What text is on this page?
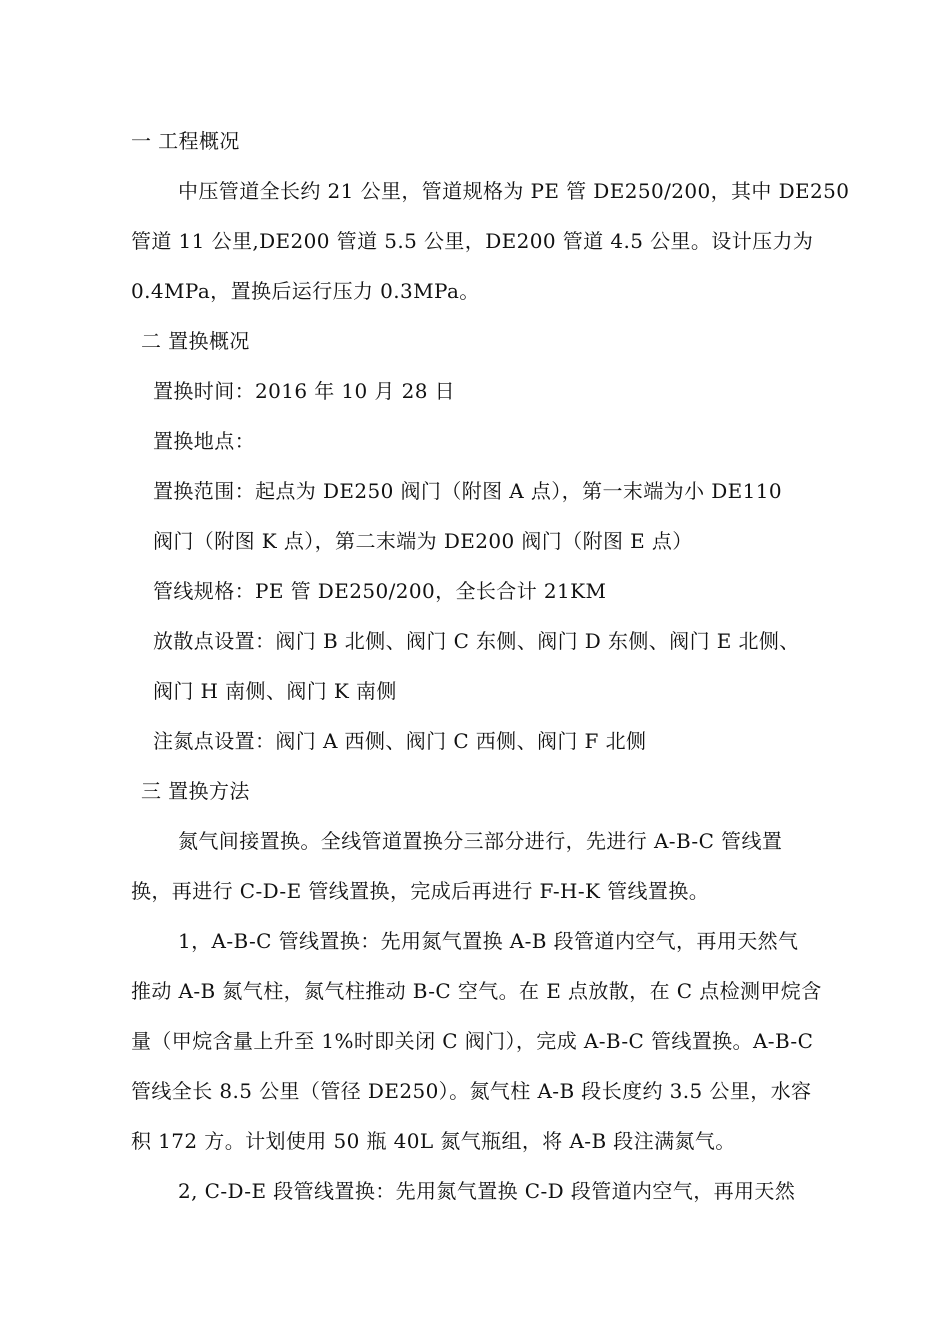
一 工程概况
中压管道全长约 21 公里，管道规格为 PE 管 DE250/200，其中 DE250
管道 11 公里,DE200 管道 5.5 公里，DE200 管道 4.5 公里。设计压力为
0.4MPa，置换后运行压力 0.3MPa。
二 置换概况
置换时间：2016 年 10 月 28 日
置换地点：
置换范围：起点为 DE250 阀门（附图 A 点），第一末端为小 DE110
阀门（附图 K 点），第二末端为 DE200 阀门（附图 E 点）
管线规格：PE 管 DE250/200，全长合计 21KM
放散点设置：阀门 B 北侧、阀门 C 东侧、阀门 D 东侧、阀门 E 北侧、
阀门 H 南侧、阀门 K 南侧
注氮点设置：阀门 A 西侧、阀门 C 西侧、阀门 F 北侧
三 置换方法
氮气间接置换。全线管道置换分三部分进行，先进行 A-B-C 管线置
换，再进行 C-D-E 管线置换，完成后再进行 F-H-K 管线置换。
1，A-B-C 管线置换：先用氮气置换 A-B 段管道内空气，再用天然气
推动 A-B 氮气柱，氮气柱推动 B-C 空气。在 E 点放散，在 C 点检测甲烷含
量（甲烷含量上升至 1%时即关闭 C 阀门），完成 A-B-C 管线置换。A-B-C
管线全长 8.5 公里（管径 DE250）。氮气柱 A-B 段长度约 3.5 公里，水容
积 172 方。计划使用 50 瓶 40L 氮气瓶组，将 A-B 段注满氮气。
2, C-D-E 段管线置换：先用氮气置换 C-D 段管道内空气，再用天然
